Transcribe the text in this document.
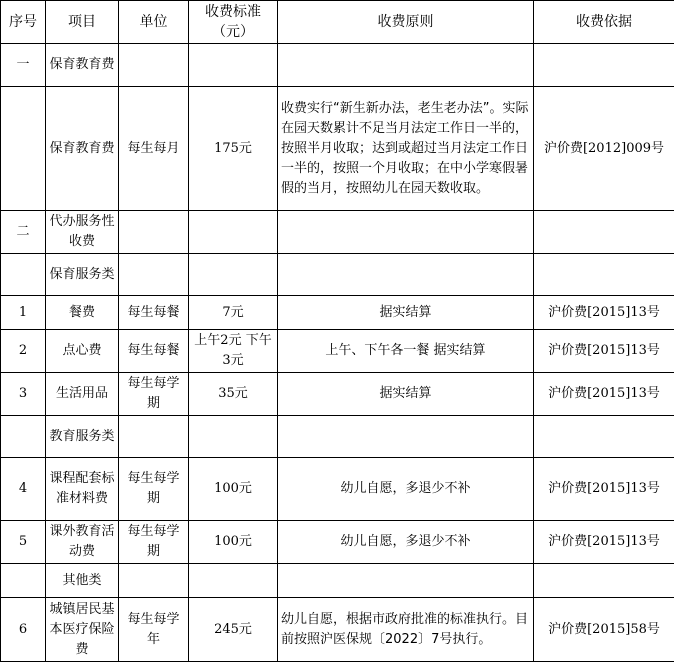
序号	项目	单位	收费标准（元）	收费原则	收费依据
一	保育教育费				
	保育教育费	每生每月	175元	收费实行“新生新办法，老生老办法”。实际在园天数累计不足当月法定工作日一半的，按照半月收取；达到或超过当月法定工作日一半的，按照一个月收取；在中小学寒假暑假的当月，按照幼儿在园天数收取。	沪价费[2012]009号
二	代办服务性收费				
	保育服务类				
1	餐费	每生每餐	7元	据实结算	沪价费[2015]13号
2	点心费	每生每餐	上午2元 下午3元	上午、下午各一餐 据实结算	沪价费[2015]13号
3	生活用品	每生每学期	35元	据实结算	沪价费[2015]13号
	教育服务类				
4	课程配套标准材料费	每生每学期	100元	幼儿自愿，多退少不补	沪价费[2015]13号
5	课外教育活动费	每生每学期	100元	幼儿自愿，多退少不补	沪价费[2015]13号
	其他类				
6	城镇居民基本医疗保险费	每生每学年	245元	幼儿自愿，根据市政府批准的标准执行。目前按照沪医保规〔2022〕7号执行。	沪价费[2015]58号
